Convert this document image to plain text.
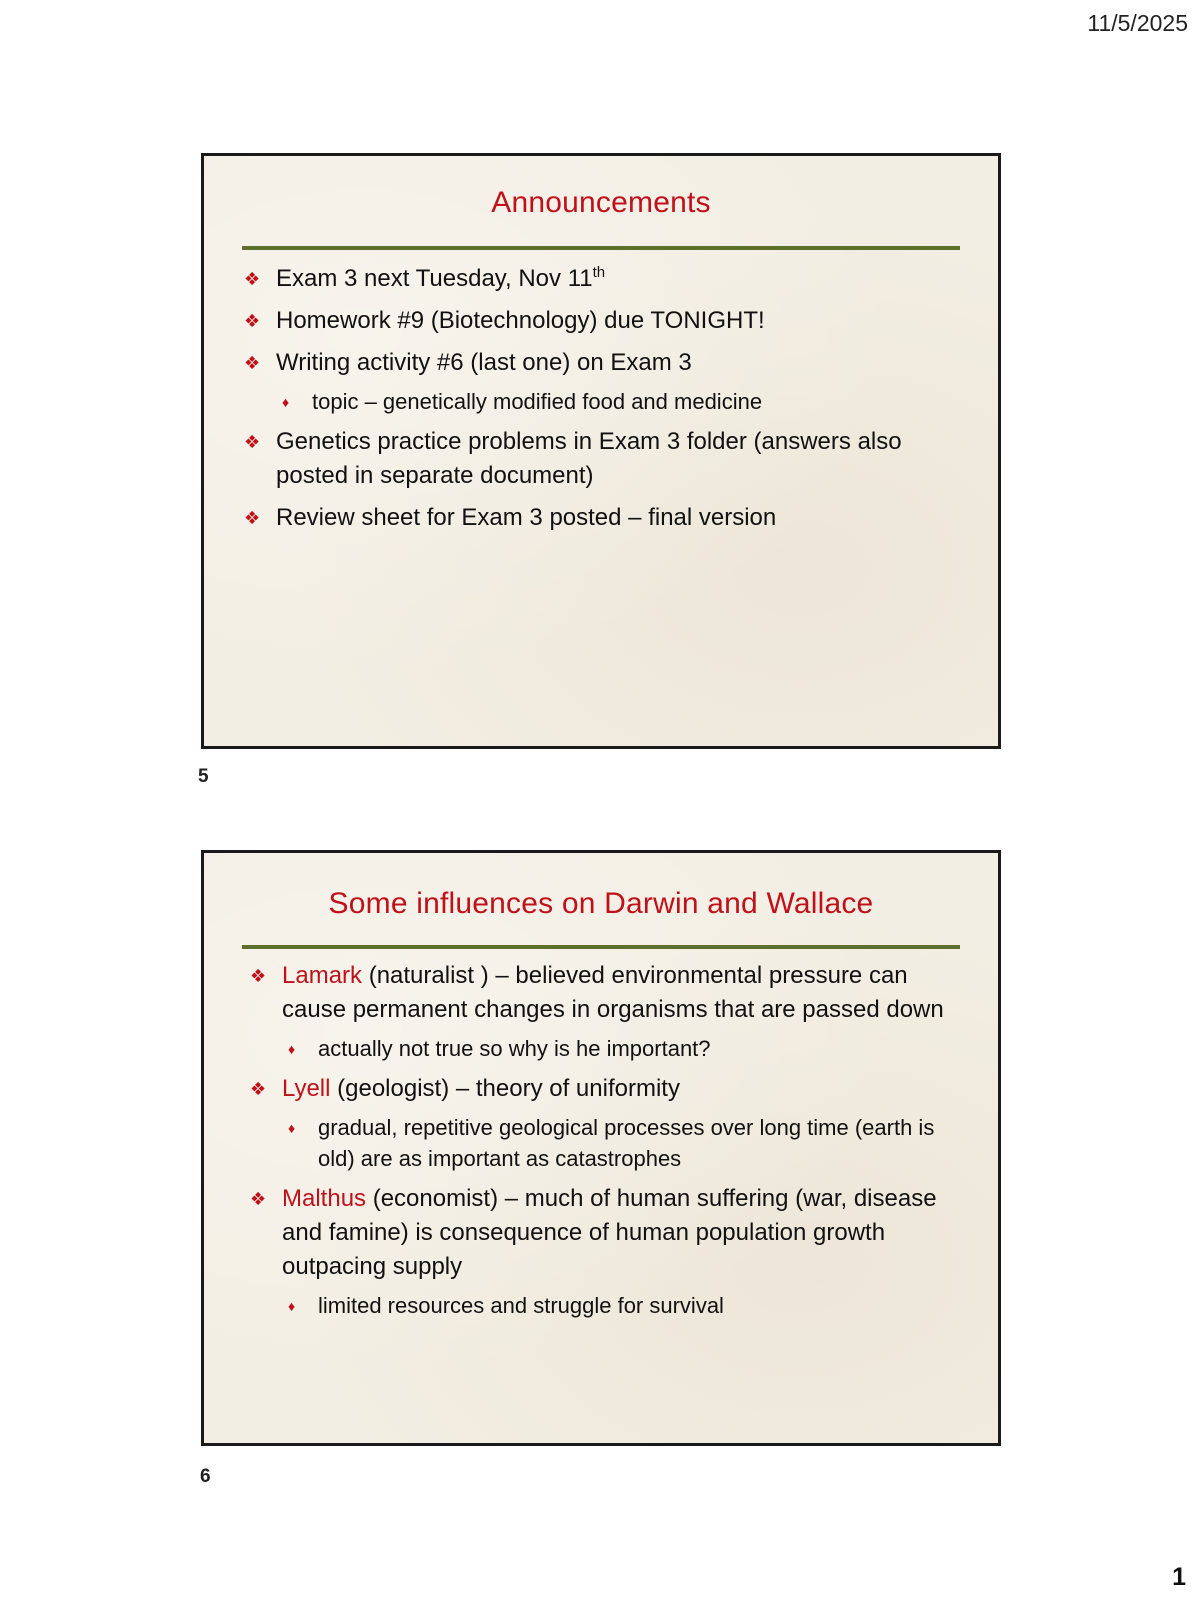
11/5/2025
Announcements
❖ Exam 3 next Tuesday, Nov 11th
❖ Homework #9 (Biotechnology) due TONIGHT!
❖ Writing activity #6 (last one) on Exam 3
♦ topic – genetically modified food and medicine
❖ Genetics practice problems in Exam 3 folder (answers also posted in separate document)
❖ Review sheet for Exam 3 posted – final version
5
Some influences on Darwin and Wallace
❖ Lamark (naturalist ) – believed environmental pressure can cause permanent changes in organisms that are passed down
♦ actually not true so why is he important?
❖ Lyell (geologist) – theory of uniformity
♦ gradual, repetitive geological processes over long time (earth is old) are as important as catastrophes
❖ Malthus (economist) – much of human suffering (war, disease and famine) is consequence of human population growth outpacing supply
♦ limited resources and struggle for survival
6
1
